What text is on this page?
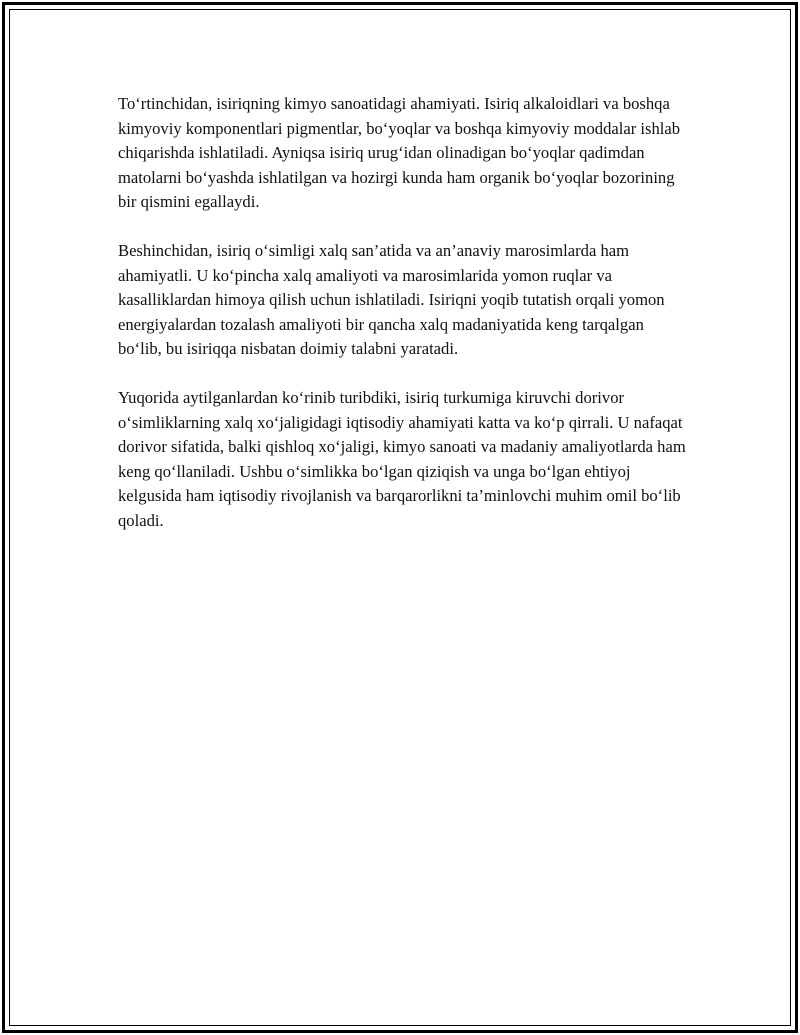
To‘rtinchidan, isiriqning kimyo sanoatidagi ahamiyati. Isiriq alkaloidlari va boshqa kimyoviy komponentlari pigmentlar, bo‘yoqlar va boshqa kimyoviy moddalar ishlab chiqarishda ishlatiladi. Ayniqsa isiriq urug‘idan olinadigan bo‘yoqlar qadimdan matolarni bo‘yashda ishlatilgan va hozirgi kunda ham organik bo‘yoqlar bozorining bir qismini egallaydi.

Beshinchidan, isiriq o‘simligi xalq san’atida va an’anaviy marosimlarda ham ahamiyatli. U ko‘pincha xalq amaliyoti va marosimlarida yomon ruqlar va kasalliklardan himoya qilish uchun ishlatiladi. Isiriqni yoqib tutatish orqali yomon energiyalardan tozalash amaliyoti bir qancha xalq madaniyatida keng tarqalgan bo‘lib, bu isiriqqa nisbatan doimiy talabni yaratadi.

Yuqorida aytilganlardan ko‘rinib turibdiki, isiriq turkumiga kiruvchi dorivor o‘simliklarning xalq xo‘jaligidagi iqtisodiy ahamiyati katta va ko‘p qirrali. U nafaqat dorivor sifatida, balki qishloq xo‘jaligi, kimyo sanoati va madaniy amaliyotlarda ham keng qo‘llaniladi. Ushbu o‘simlikka bo‘lgan qiziqish va unga bo‘lgan ehtiyoj kelgusida ham iqtisodiy rivojlanish va barqarorlikni ta’minlovchi muhim omil bo‘lib qoladi.
